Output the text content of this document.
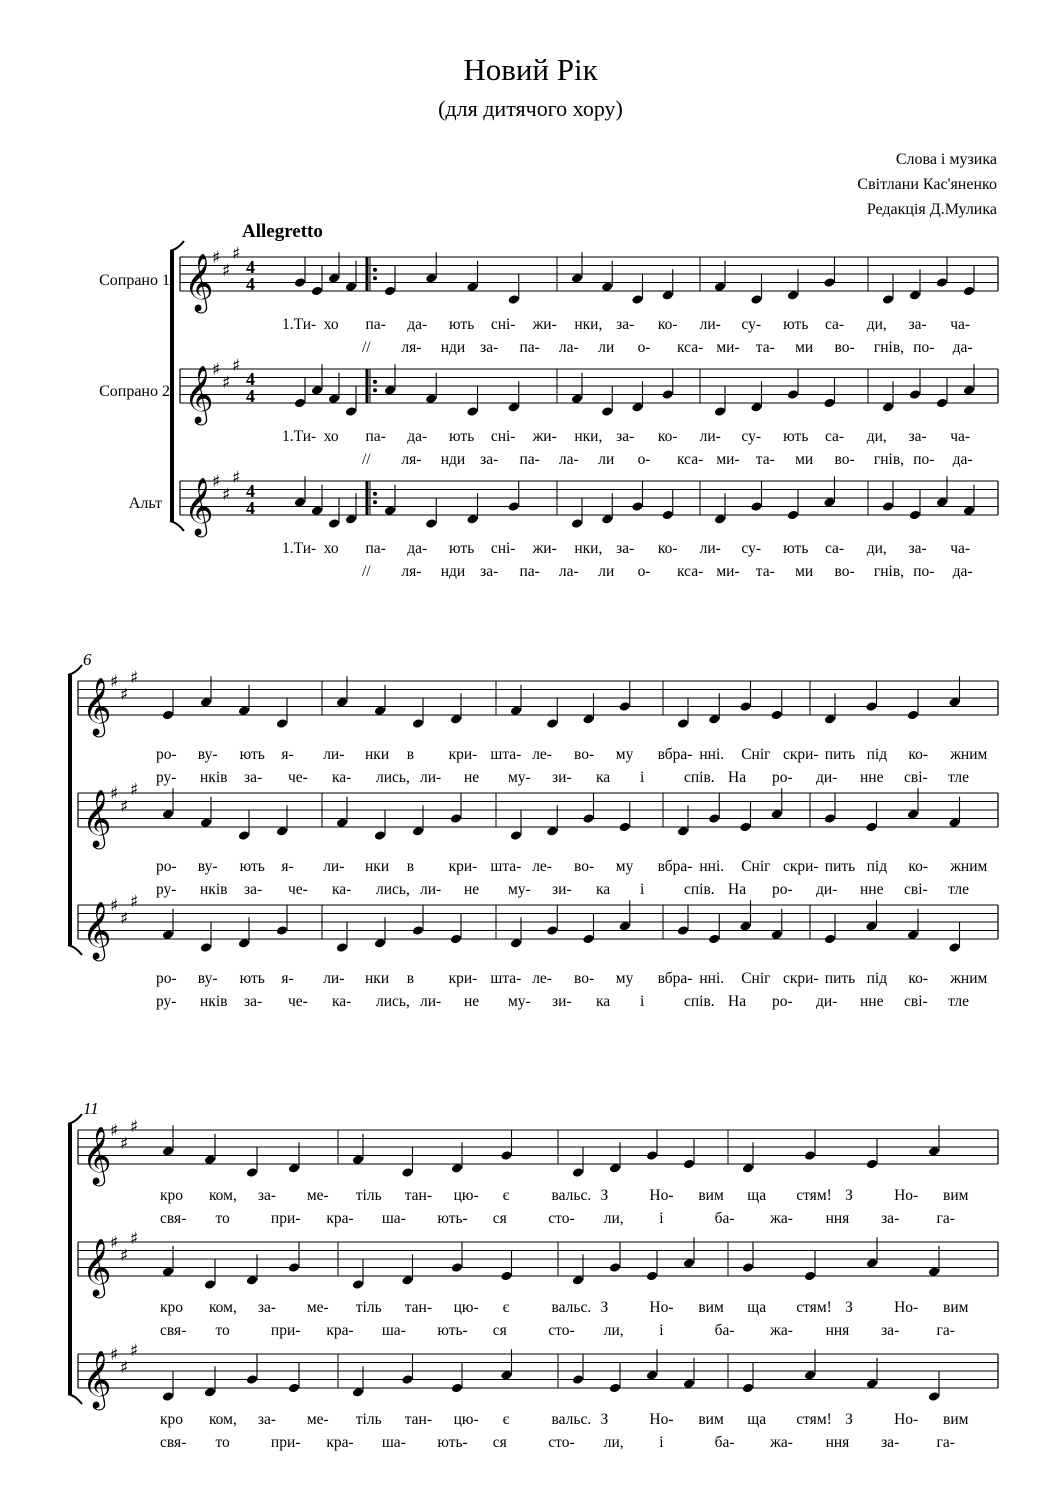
Новий Рік
(для дитячого хору)
Слова і музика
Світлани Кас'яненко
Редакція Д.Мулика
Allegretto
Сопрано 1
Сопрано 2
Альт
𝄞
♯
♯
♯
4
4
𝄞
♯
♯
♯
4
4
𝄞
♯
♯
♯
4
4
𝄞
♯
♯
♯
𝄞
♯
♯
♯
𝄞
♯
♯
♯
𝄞
♯
♯
♯
𝄞
♯
♯
♯
𝄞
♯
♯
♯
6
11
1.Ти- хо па- да- ють сні- жи- нки, за- ко- ли- су- ють са- ди, за- ча-
// ля- нди за- па- ла- ли о- кса- ми- та- ми во- гнів, по- да-
1.Ти- хо па- да- ють сні- жи- нки, за- ко- ли- су- ють са- ди, за- ча-
// ля- нди за- па- ла- ли о- кса- ми- та- ми во- гнів, по- да-
1.Ти- хо па- да- ють сні- жи- нки, за- ко- ли- су- ють са- ди, за- ча-
// ля- нди за- па- ла- ли о- кса- ми- та- ми во- гнів, по- да-
ро- ву- ють я- ли- нки в кри- шта- ле- во- му вбра- нні. Сніг скри- пить під ко- жним
ру- нків за- че- ка- лись, ли- не му- зи- ка і	спів. На ро- ди- нне сві- тле
ро- ву- ють я- ли- нки в кри- шта- ле- во- му вбра- нні. Сніг скри- пить під ко- жним
ру- нків за- че- ка- лись, ли- не му- зи- ка і	спів. На ро- ди- нне сві- тле
ро- ву- ють я- ли- нки в кри- шта- ле- во- му вбра- нні. Сніг скри- пить під ко- жним
ру- нків за- че- ка- лись, ли- не му- зи- ка і	спів. На ро- ди- нне сві- тле
кро ком, за- ме- тіль тан- цю- є	вальс. З	Но- вим ща стям! З	Но- вим
свя- то	при- кра- ша- ють- ся	сто- ли, і	ба- жа- ння за- га-
кро ком, за- ме- тіль тан- цю- є	вальс. З	Но- вим ща стям! З	Но- вим
свя- то	при- кра- ша- ють- ся	сто- ли, і	ба- жа- ння за- га-
кро ком, за- ме- тіль тан- цю- є	вальс. З	Но- вим ща стям! З	Но- вим
свя- то	при- кра- ша- ють- ся	сто- ли, і	ба- жа- ння за- га-
